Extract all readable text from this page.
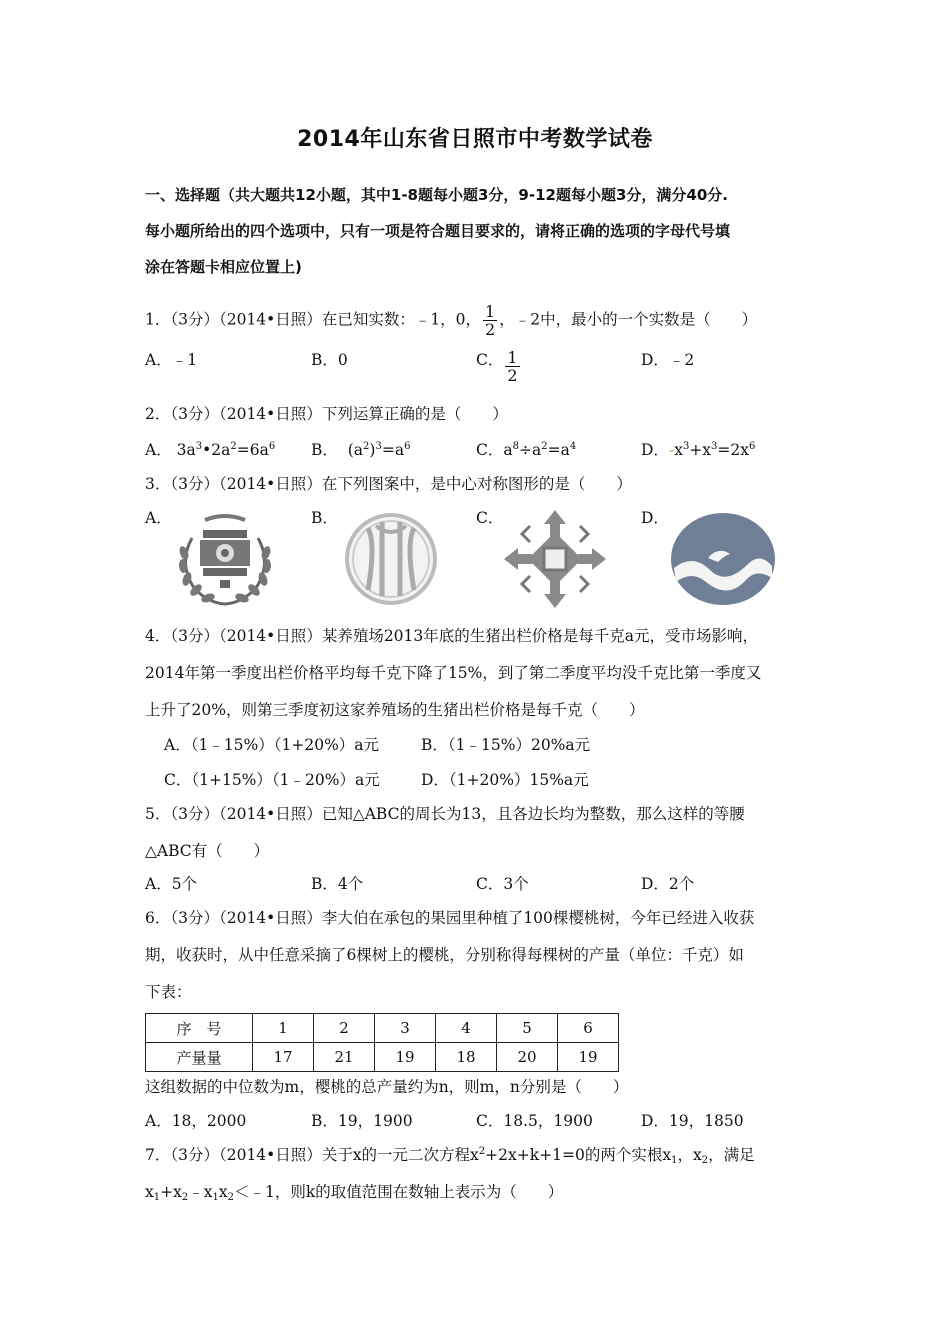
2014年山东省日照市中考数学试卷
一、选择题（共大题共12小题，其中1-8题每小题3分，9-12题每小题3分，满分40分.
每小题所给出的四个选项中，只有一项是符合题目要求的，请将正确的选项的字母代号填
涂在答题卡相应位置上)
1．（3分）（2014•日照）在已知实数：﹣1，0， $\frac{1}{2}$ ，﹣2中，最小的一个实数是（　　）
A．﹣1	B．0	C． $\frac{1}{2}$	D．﹣2
2．（3分）（2014•日照）下列运算正确的是（　　）
A． $3a^3•2a^2=6a^6$ B．  $(a^2)^3=a^6$	C．$a^8\div a^2=a^4$	D．$-x^3+x^3=2x^6$
3．（3分）（2014•日照）在下列图案中，是中心对称图形的是（　　）
A．	B．	C．	D．
4．（3分）（2014•日照）某养殖场2013年底的生猪出栏价格是每千克a元，受市场影响，
2014年第一季度出栏价格平均每千克下降了15%，到了第二季度平均没千克比第一季度又
上升了20%，则第三季度初这家养殖场的生猪出栏价格是每千克（　　）
A．（1﹣15%）（1+20%）a元	B．（1﹣15%）20%a元
C．（1+15%）（1﹣20%）a元	D．（1+20%）15%a元
5．（3分）（2014•日照）已知△ABC的周长为13，且各边长均为整数，那么这样的等腰
△ABC有（　　）
A．5个	B．4个	C．3个	D．2个
6．（3分）（2014•日照）李大伯在承包的果园里种植了100棵樱桃树，今年已经进入收获
期，收获时，从中任意采摘了6棵树上的樱桃，分别称得每棵树的产量（单位：千克）如
下表：
序　号	1	2	3	4	5	6
产量量	17	21	19	18	20	19
这组数据的中位数为m，樱桃的总产量约为n，则m，n分别是（　　）
A．18，2000	B．19，1900	C．18.5，1900	D．19，1850
7．（3分）（2014•日照）关于x的一元二次方程$x^2+2x+k+1=0$的两个实根$x_1$，$x_2$，满足
$x_1+x_2﹣x_1x_2<﹣1$，则k的取值范围在数轴上表示为（　　）
